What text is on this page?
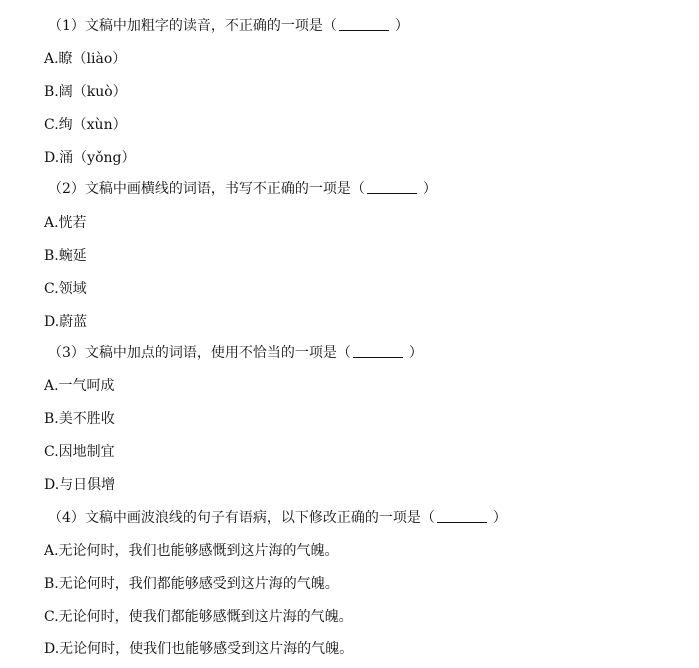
（1）文稿中加粗字的读音，不正确的一项是（	）
A.瞭（liào）
B.阔（kuò）
C.绚（xùn）
D.涌（yǒng）
（2）文稿中画横线的词语，书写不正确的一项是（	）
A.恍若
B.蜿延
C.领域
D.蔚蓝
（3）文稿中加点的词语，使用不恰当的一项是（	）
A.一气呵成
B.美不胜收
C.因地制宜
D.与日俱增
（4）文稿中画波浪线的句子有语病，以下修改正确的一项是（	）
A.无论何时，我们也能够感慨到这片海的气魄。
B.无论何时，我们都能够感受到这片海的气魄。
C.无论何时，使我们都能够感慨到这片海的气魄。
D.无论何时，使我们也能够感受到这片海的气魄。
